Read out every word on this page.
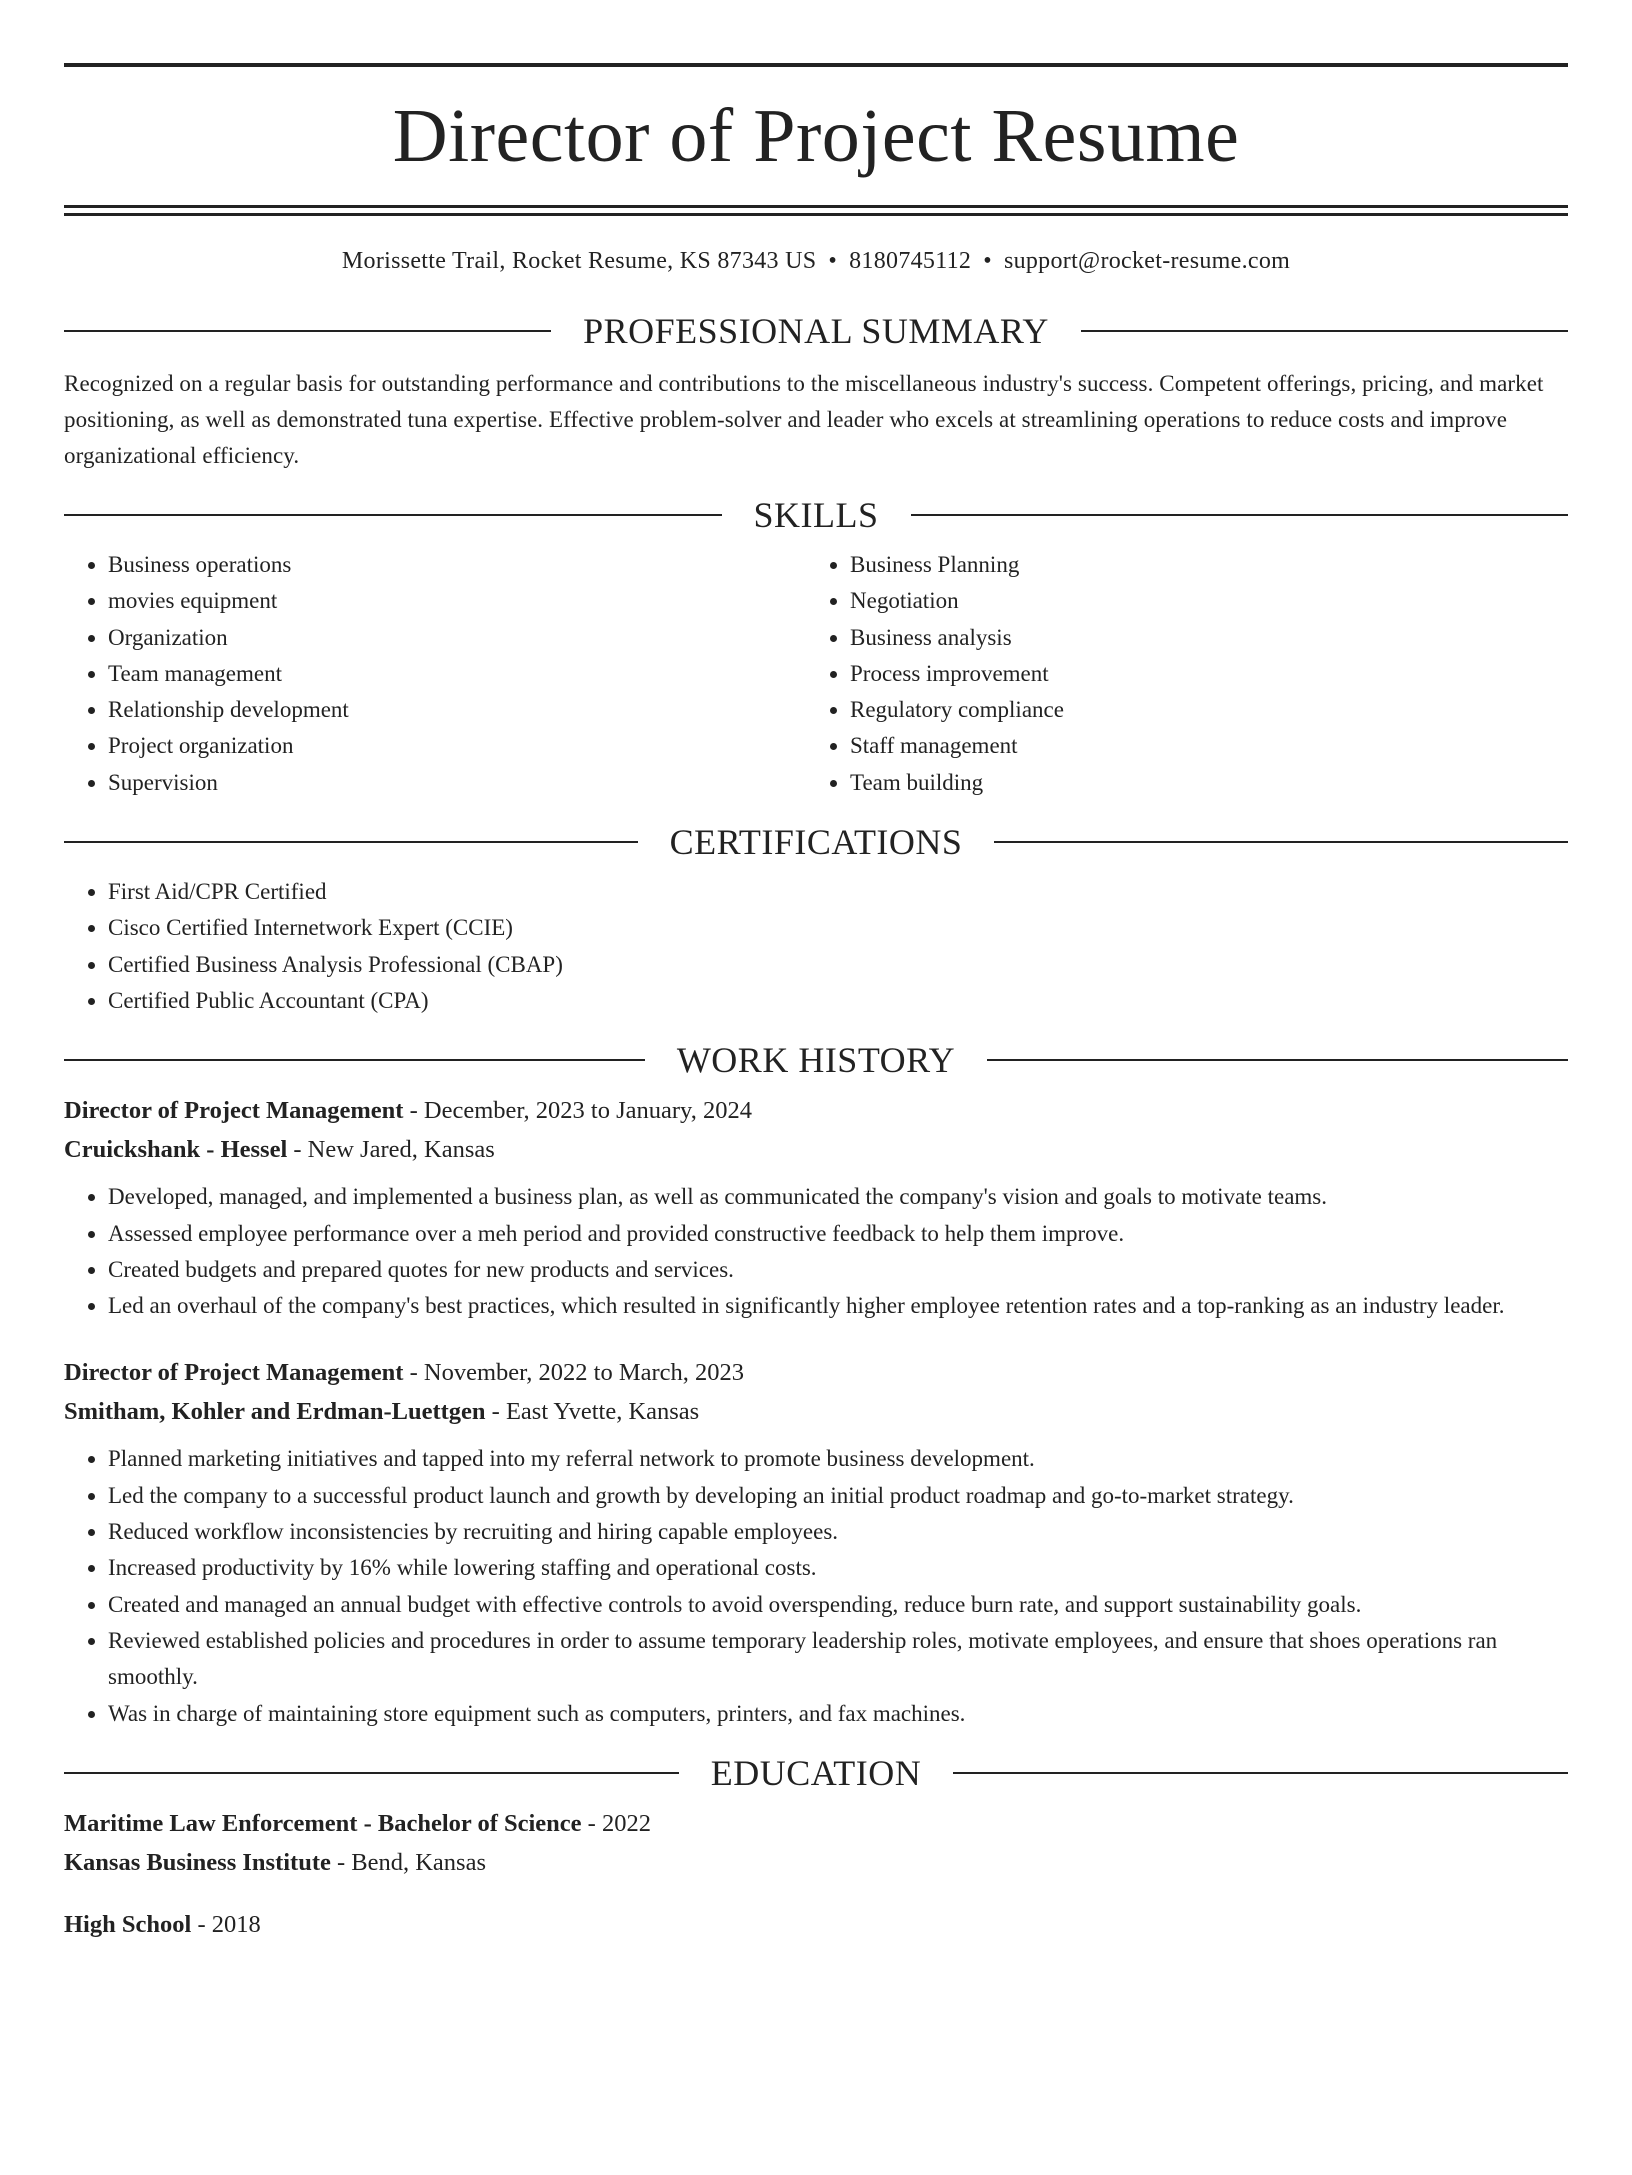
Director of Project Resume
Morissette Trail, Rocket Resume, KS 87343 US • 8180745112 • support@rocket-resume.com
PROFESSIONAL SUMMARY

Recognized on a regular basis for outstanding performance and contributions to the miscellaneous industry's success. Competent offerings, pricing, and market positioning, as well as demonstrated tuna expertise. Effective problem-solver and leader who excels at streamlining operations to reduce costs and improve organizational efficiency.

SKILLS
• Business operations
• movies equipment
• Organization
• Team management
• Relationship development
• Project organization
• Supervision
• Business Planning
• Negotiation
• Business analysis
• Process improvement
• Regulatory compliance
• Staff management
• Team building
CERTIFICATIONS
• First Aid/CPR Certified
• Cisco Certified Internetwork Expert (CCIE)
• Certified Business Analysis Professional (CBAP)
• Certified Public Accountant (CPA)
WORK HISTORY
Director of Project Management - December, 2023 to January, 2024
Cruickshank - Hessel - New Jared, Kansas
• Developed, managed, and implemented a business plan, as well as communicated the company's vision and goals to motivate teams.
• Assessed employee performance over a meh period and provided constructive feedback to help them improve.
• Created budgets and prepared quotes for new products and services.
• Led an overhaul of the company's best practices, which resulted in significantly higher employee retention rates and a top-ranking as an industry leader.
Director of Project Management - November, 2022 to March, 2023
Smitham, Kohler and Erdman-Luettgen - East Yvette, Kansas
• Planned marketing initiatives and tapped into my referral network to promote business development.
• Led the company to a successful product launch and growth by developing an initial product roadmap and go-to-market strategy.
• Reduced workflow inconsistencies by recruiting and hiring capable employees.
• Increased productivity by 16% while lowering staffing and operational costs.
• Created and managed an annual budget with effective controls to avoid overspending, reduce burn rate, and support sustainability goals.
• Reviewed established policies and procedures in order to assume temporary leadership roles, motivate employees, and ensure that shoes operations ran smoothly.
• Was in charge of maintaining store equipment such as computers, printers, and fax machines.
EDUCATION
Maritime Law Enforcement - Bachelor of Science - 2022
Kansas Business Institute - Bend, Kansas
High School - 2018
